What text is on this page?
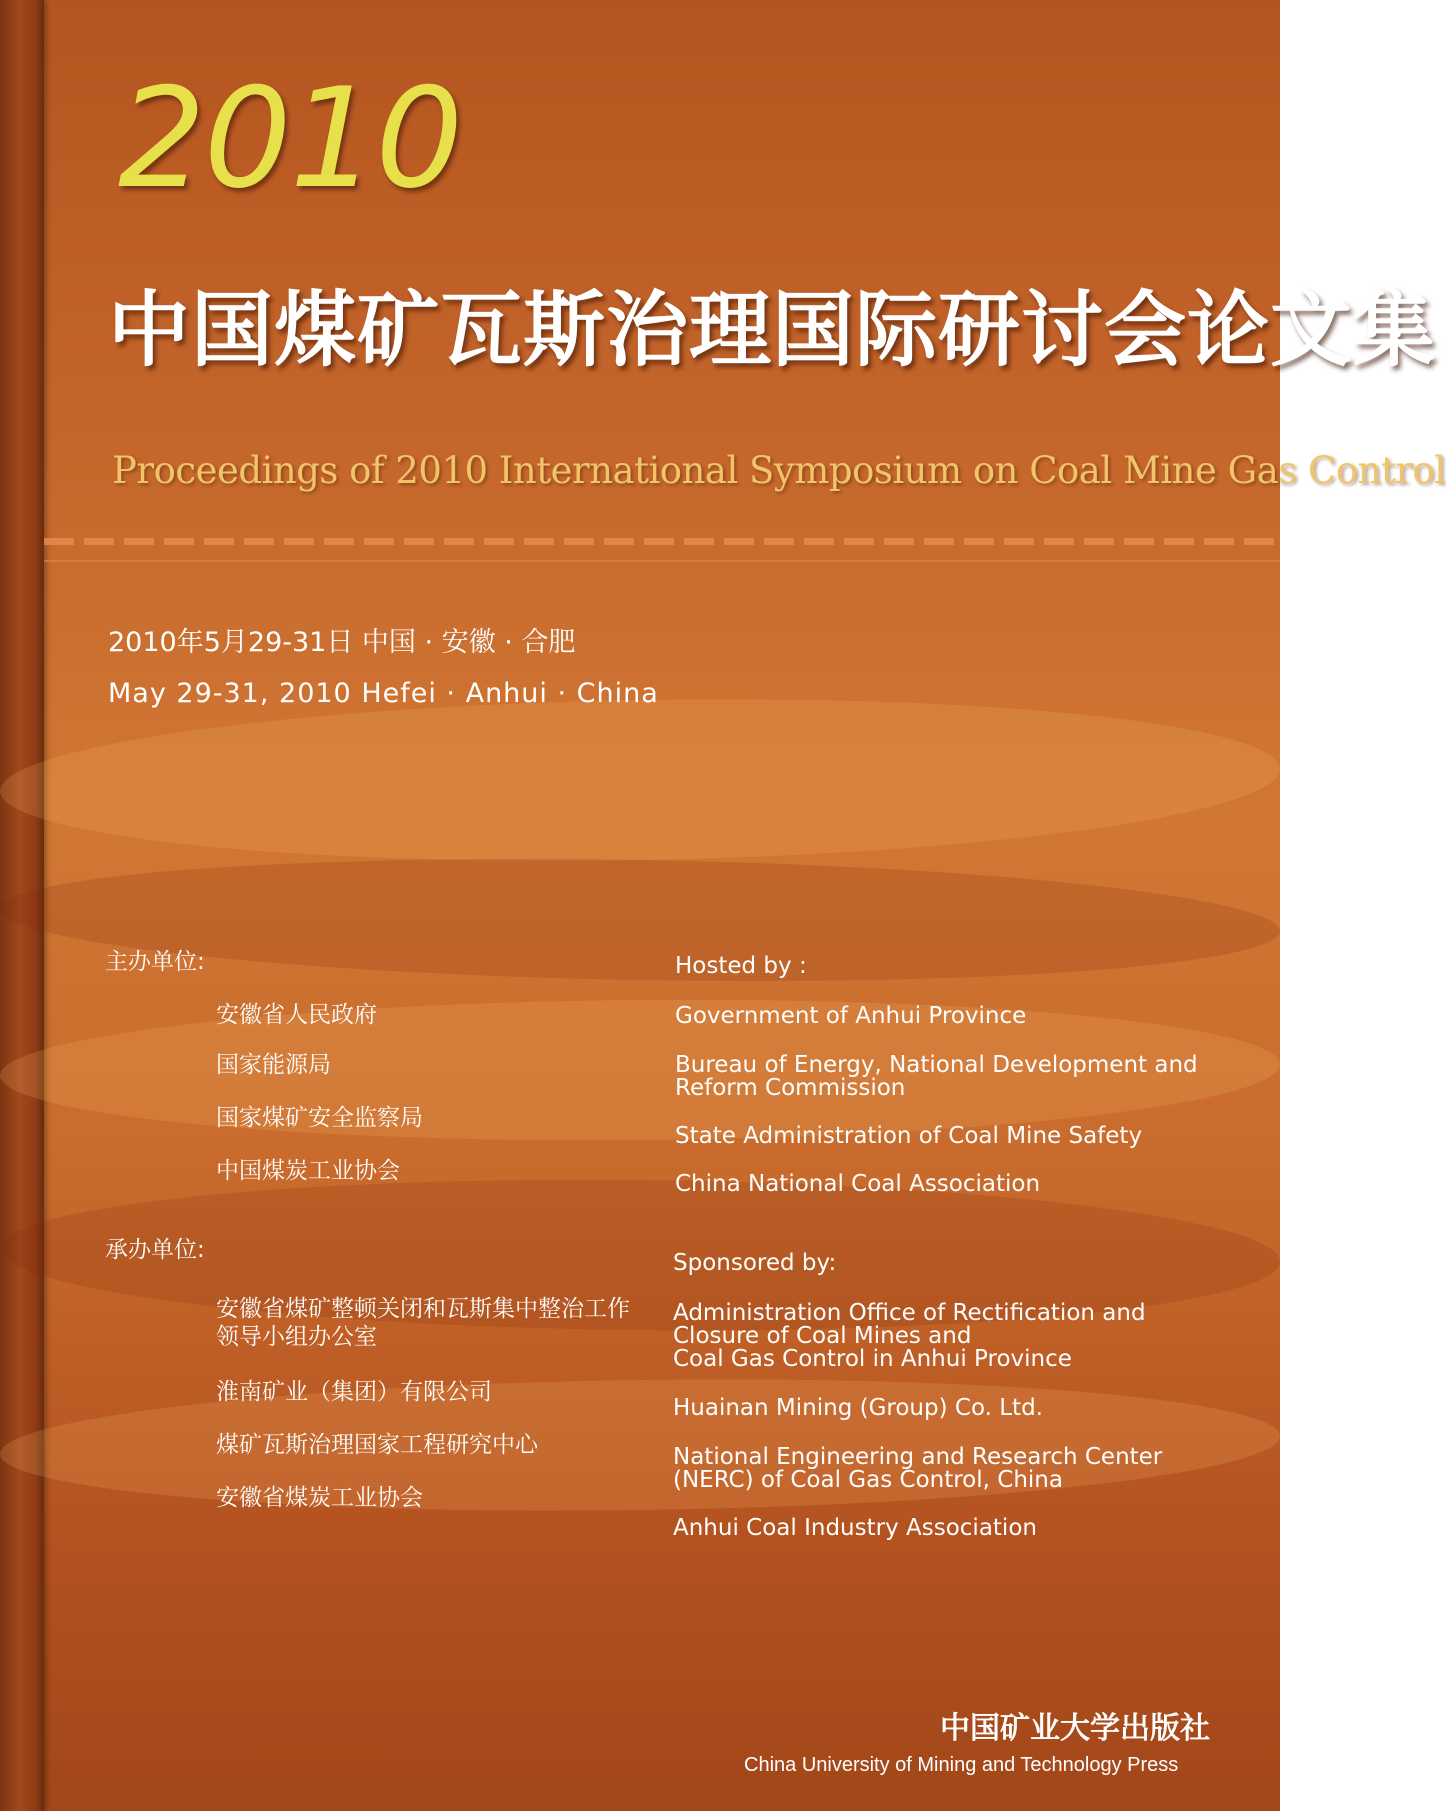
2010
中国煤矿瓦斯治理国际研讨会论文集
Proceedings of 2010 International Symposium on Coal Mine Gas Control
2010年5月29-31日 中国 · 安徽 · 合肥
May 29-31, 2010 Hefei · Anhui · China
主办单位:	Hosted by :
安徽省人民政府
国家能源局
国家煤矿安全监察局
中国煤炭工业协会
Government of Anhui Province
Bureau of Energy, National Development and
Reform Commission
State Administration of Coal Mine Safety
China National Coal Association
承办单位:	Sponsored by:
安徽省煤矿整顿关闭和瓦斯集中整治工作
领导小组办公室
淮南矿业（集团）有限公司
煤矿瓦斯治理国家工程研究中心
安徽省煤炭工业协会
Administration Office of Rectification and
Closure of Coal Mines and
Coal Gas Control in Anhui Province
Huainan Mining (Group) Co. Ltd.
National Engineering and Research Center
(NERC) of Coal Gas Control, China
Anhui Coal Industry Association
中国矿业大学出版社
China University of Mining and Technology Press
